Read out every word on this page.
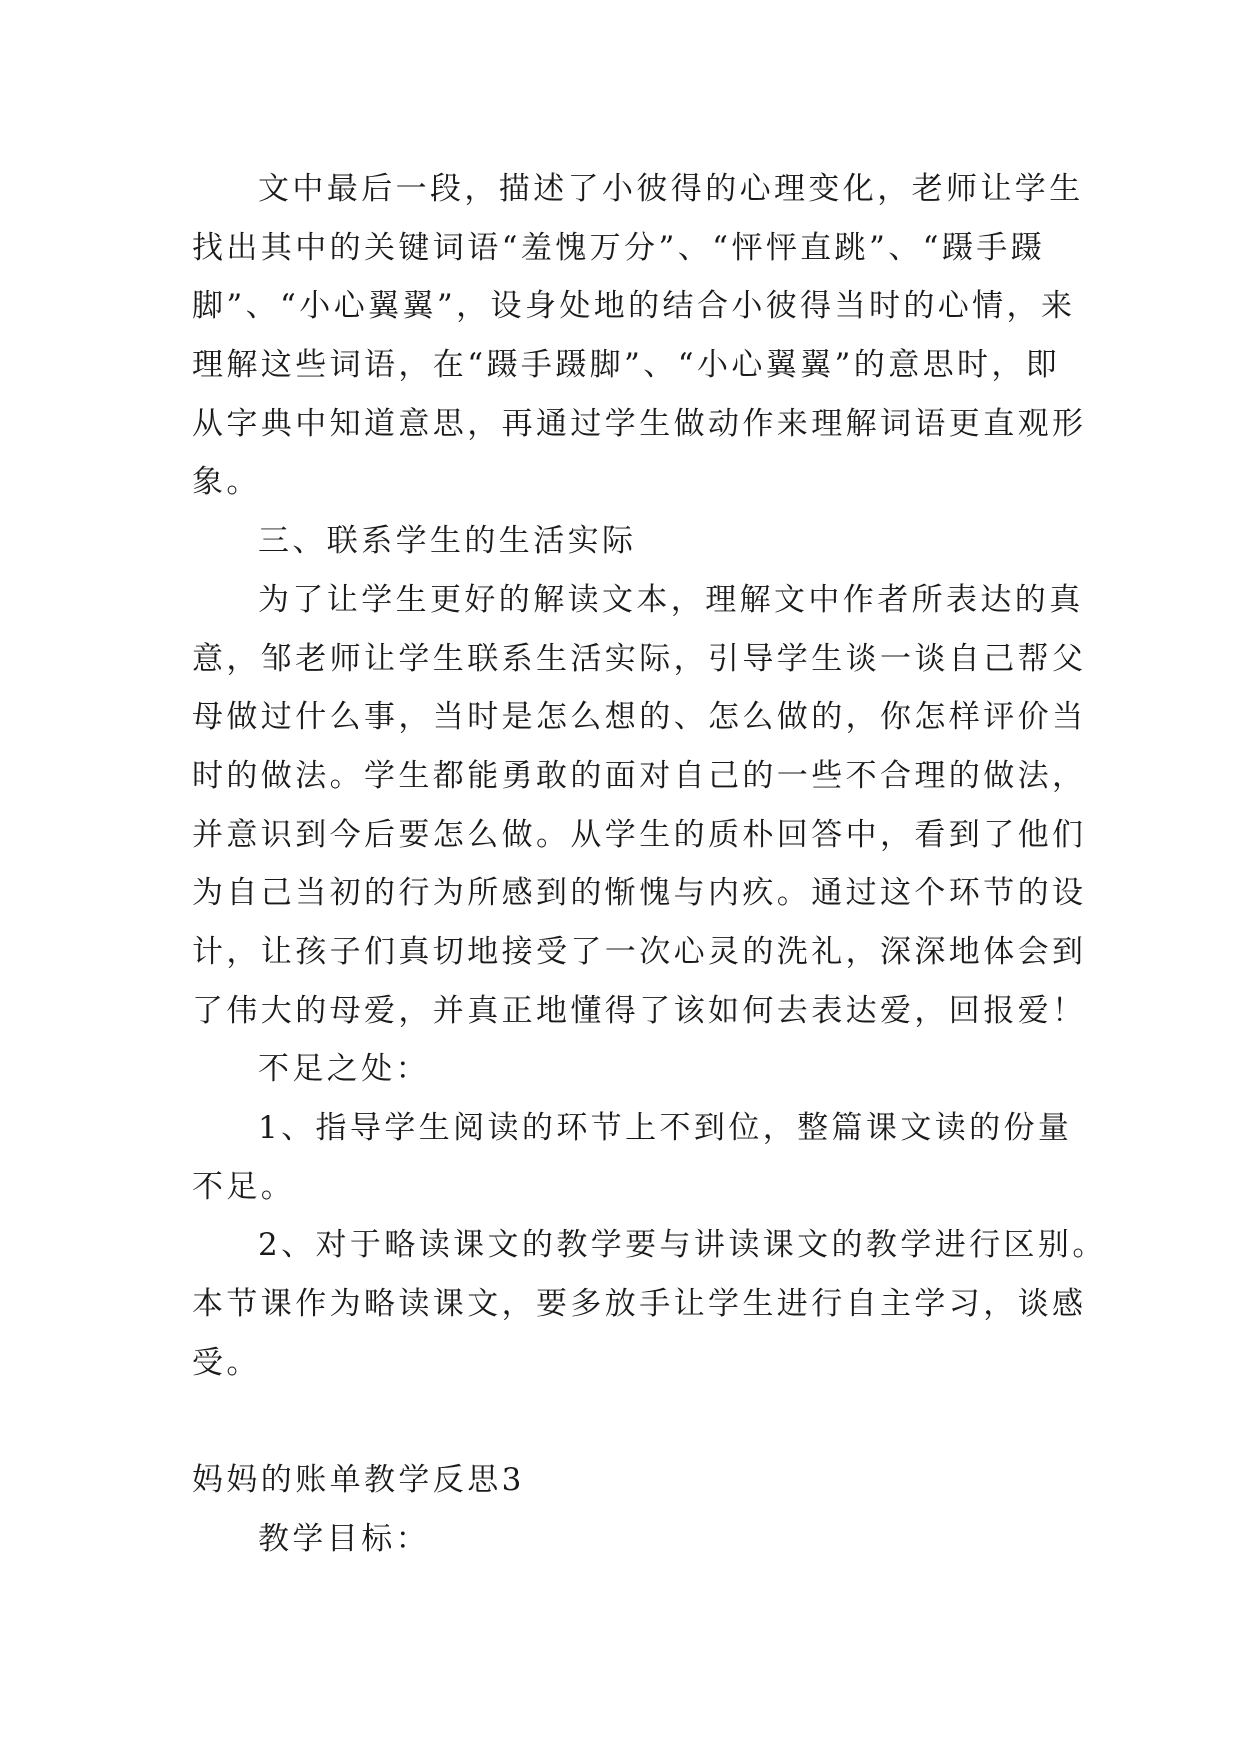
文中最后一段，描述了小彼得的心理变化，老师让学生
找出其中的关键词语“羞愧万分”、“怦怦直跳”、“蹑手蹑
脚”、“小心翼翼”，设身处地的结合小彼得当时的心情，来
理解这些词语，在“蹑手蹑脚”、“小心翼翼”的意思时，即
从字典中知道意思，再通过学生做动作来理解词语更直观形
象。
三、联系学生的生活实际
为了让学生更好的解读文本，理解文中作者所表达的真
意，邹老师让学生联系生活实际，引导学生谈一谈自己帮父
母做过什么事，当时是怎么想的、怎么做的，你怎样评价当
时的做法。学生都能勇敢的面对自己的一些不合理的做法，
并意识到今后要怎么做。从学生的质朴回答中，看到了他们
为自己当初的行为所感到的惭愧与内疚。通过这个环节的设
计，让孩子们真切地接受了一次心灵的洗礼，深深地体会到
了伟大的母爱，并真正地懂得了该如何去表达爱，回报爱！
不足之处：
1、指导学生阅读的环节上不到位，整篇课文读的份量
不足。
2、对于略读课文的教学要与讲读课文的教学进行区别。
本节课作为略读课文，要多放手让学生进行自主学习，谈感
受。
妈妈的账单教学反思3
教学目标：
